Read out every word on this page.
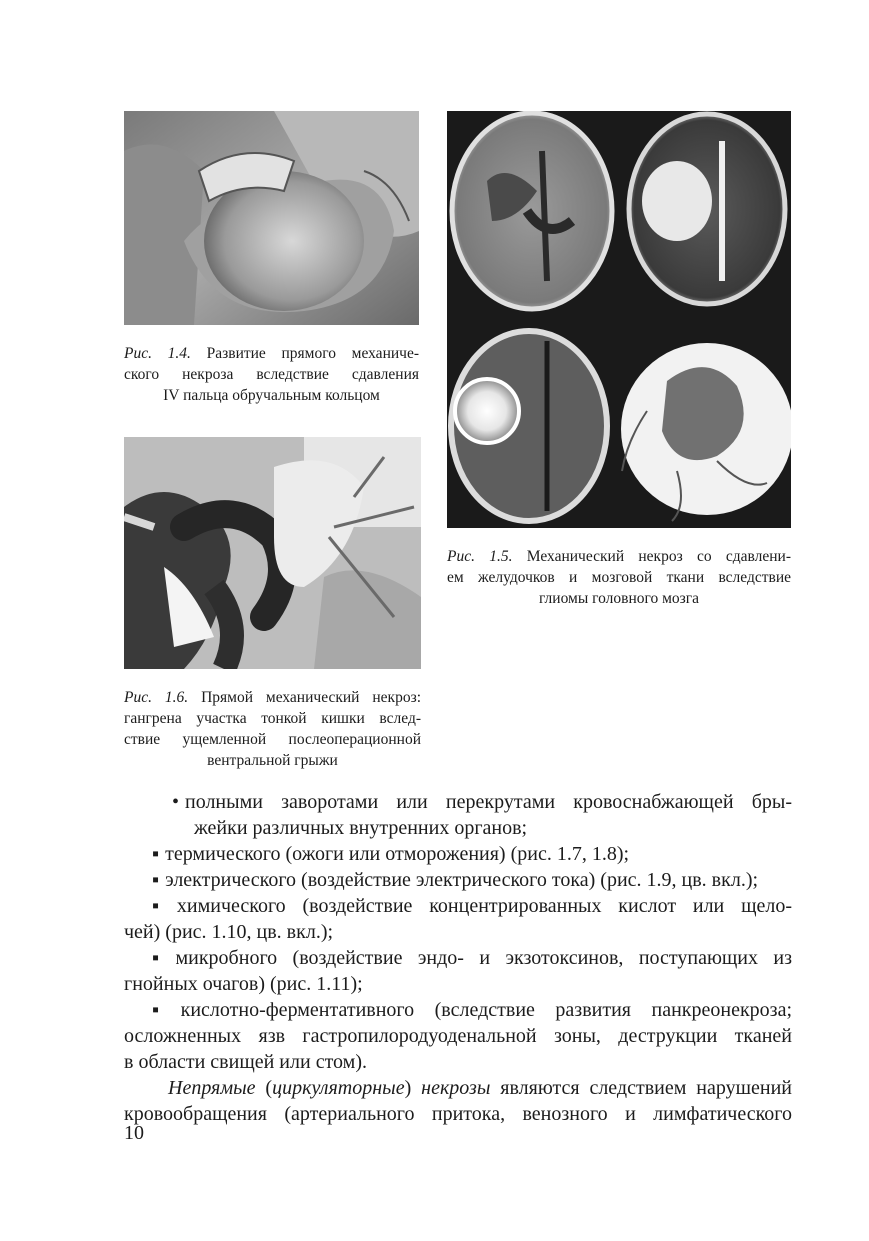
Рис. 1.4. Развитие прямого механиче-
ского некроза вследствие сдавления
IV пальца обручальным кольцом
Рис. 1.5. Механический некроз со сдавлени-
ем желудочков и мозговой ткани вследствие
глиомы головного мозга
Рис. 1.6. Прямой механический некроз:
гангрена участка тонкой кишки вслед-
ствие ущемленной послеоперационной
вентральной грыжи
• полными заворотами или перекрутами кровоснабжающей бры-
жейки различных внутренних органов;
▪ термического (ожоги или отморожения) (рис. 1.7, 1.8);
▪ электрического (воздействие электрического тока) (рис. 1.9, цв. вкл.);
▪ химического (воздействие концентрированных кислот или щело-
чей) (рис. 1.10, цв. вкл.);
▪ микробного (воздействие эндо- и экзотоксинов, поступающих из
гнойных очагов) (рис. 1.11);
▪ кислотно-ферментативного (вследствие развития панкреонекроза;
осложненных язв гастропилородуоденальной зоны, деструкции тканей
в области свищей или стом).
Непрямые (циркуляторные) некрозы являются следствием нарушений
кровообращения (артериального притока, венозного и лимфатического
10
